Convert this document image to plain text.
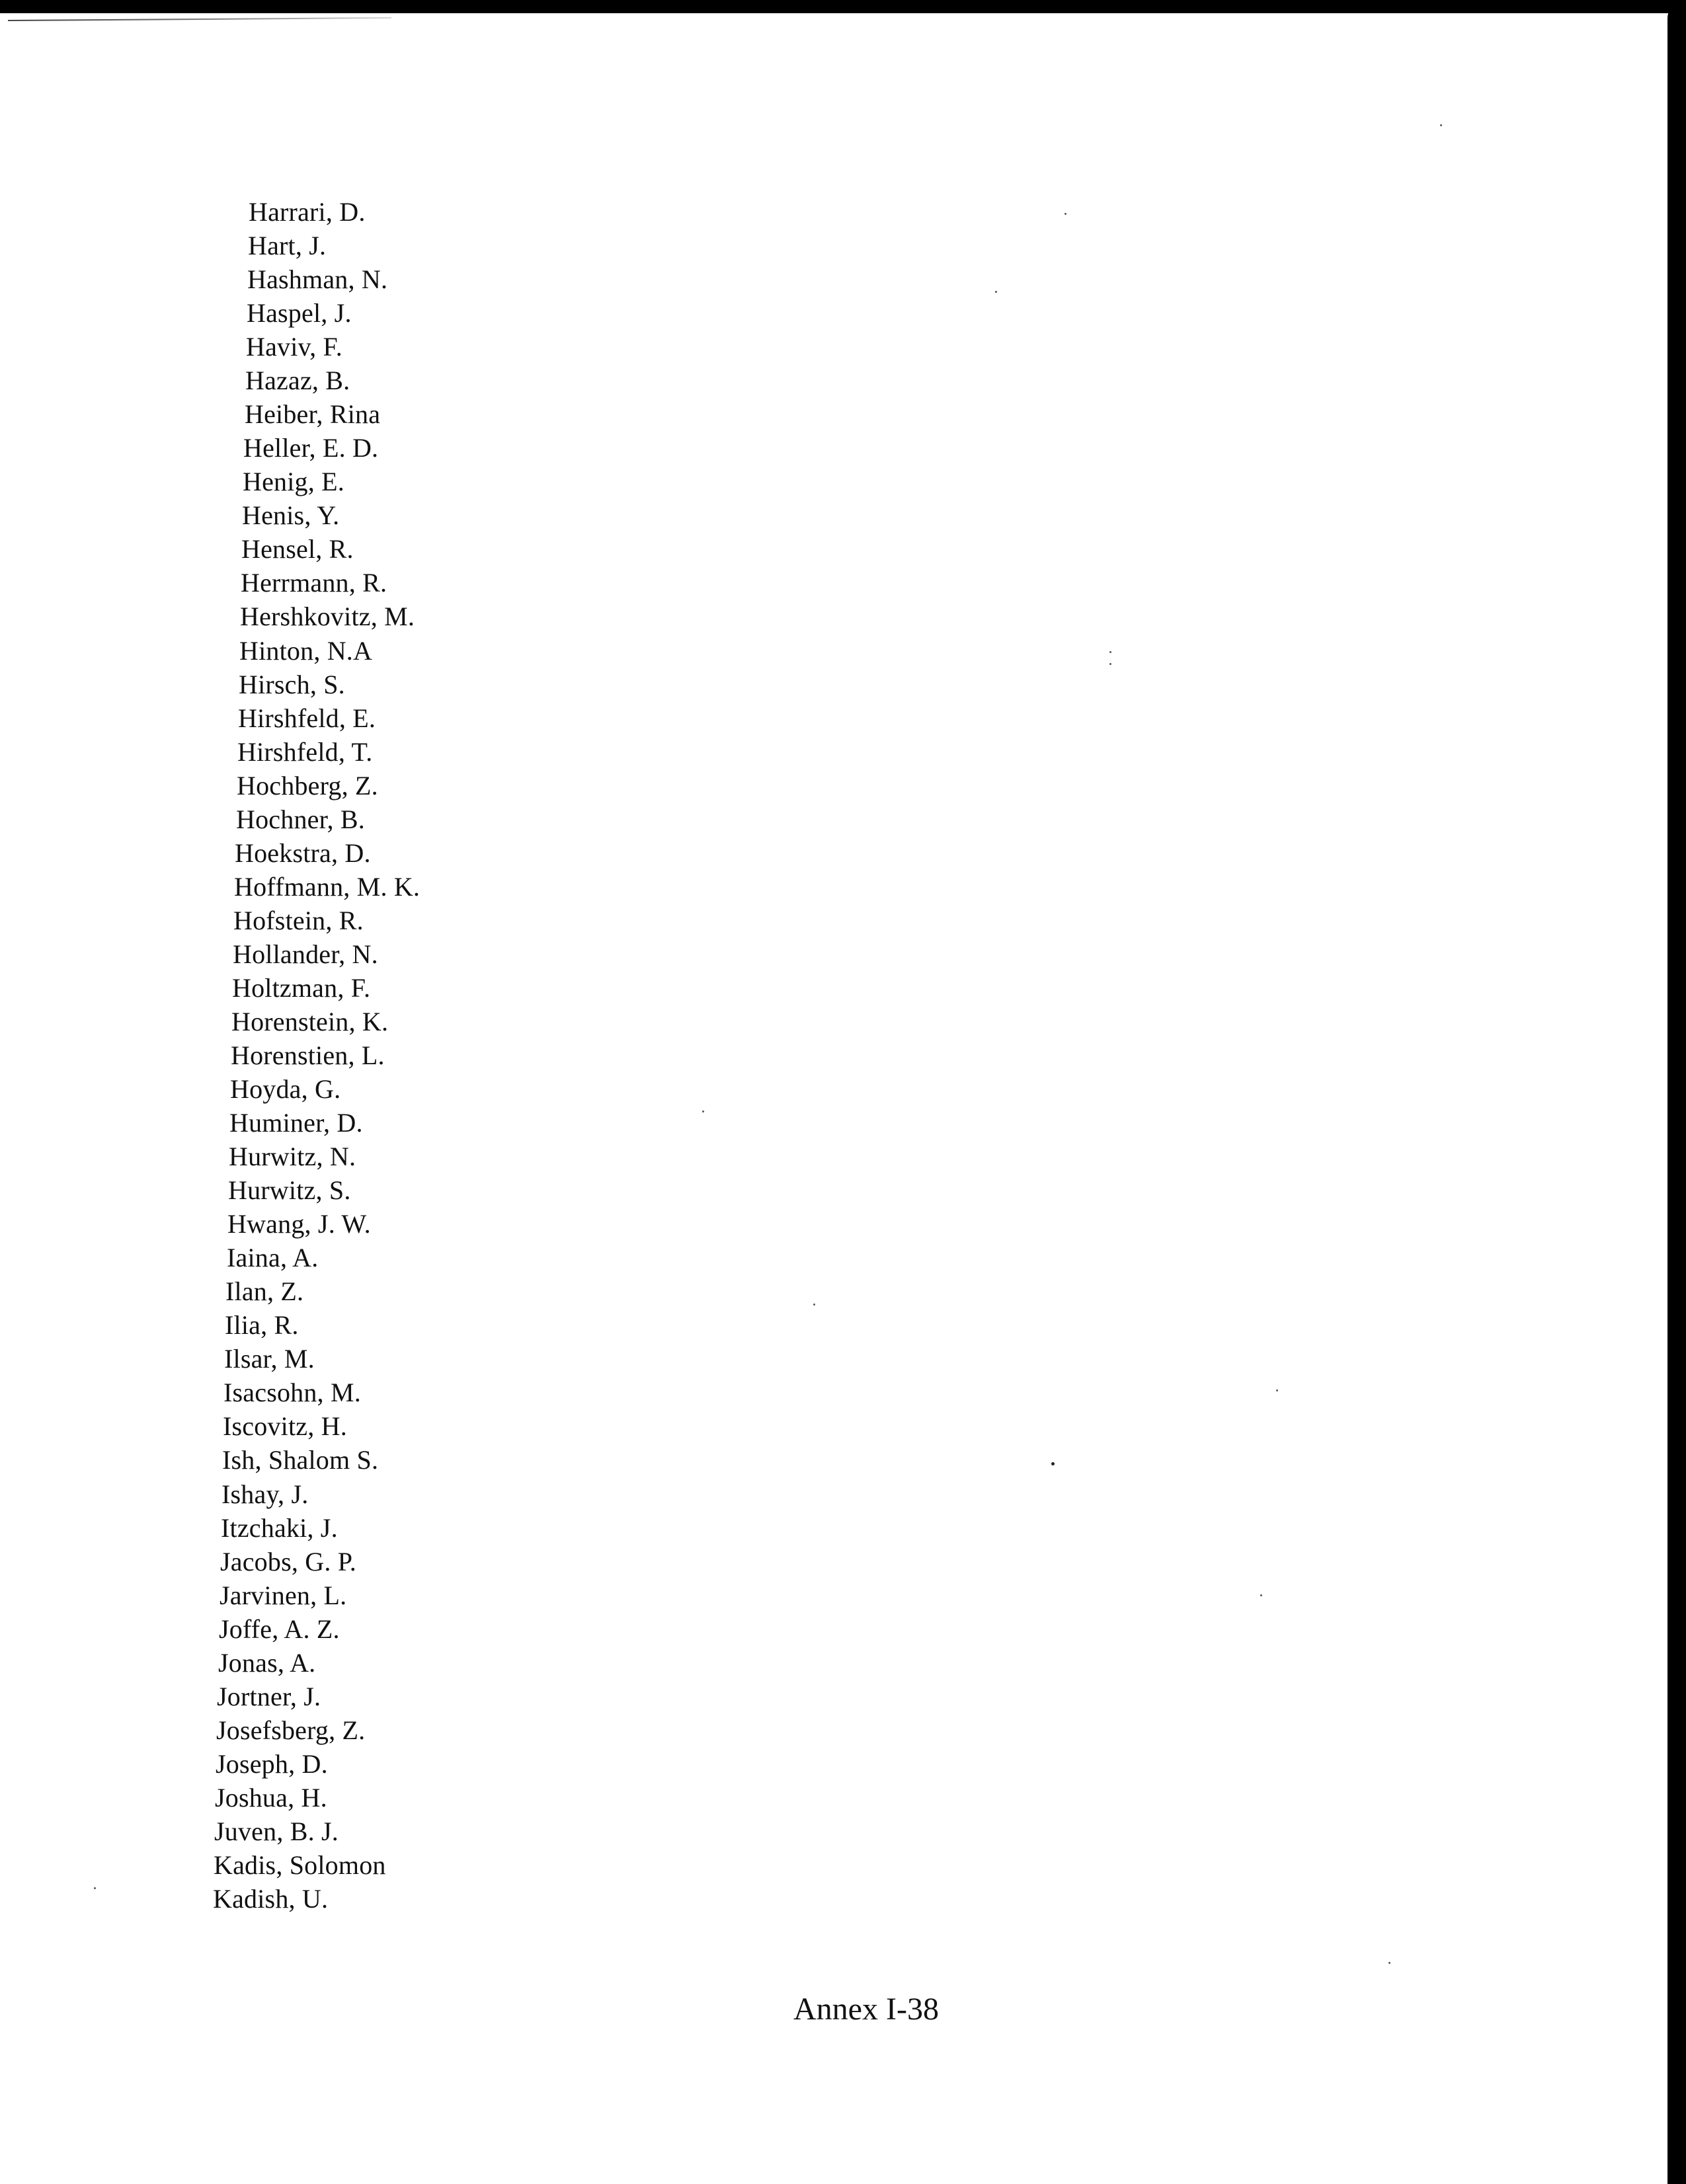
Harrari, D.
Hart, J.
Hashman, N.
Haspel, J.
Haviv, F.
Hazaz, B.
Heiber, Rina
Heller, E. D.
Henig, E.
Henis, Y.
Hensel, R.
Herrmann, R.
Hershkovitz, M.
Hinton, N.A
Hirsch, S.
Hirshfeld, E.
Hirshfeld, T.
Hochberg, Z.
Hochner, B.
Hoekstra, D.
Hoffmann, M. K.
Hofstein, R.
Hollander, N.
Holtzman, F.
Horenstein, K.
Horenstien, L.
Hoyda, G.
Huminer, D.
Hurwitz, N.
Hurwitz, S.
Hwang, J. W.
Iaina, A.
Ilan, Z.
Ilia, R.
Ilsar, M.
Isacsohn, M.
Iscovitz, H.
Ish, Shalom S.
Ishay, J.
Itzchaki, J.
Jacobs, G. P.
Jarvinen, L.
Joffe, A. Z.
Jonas, A.
Jortner, J.
Josefsberg, Z.
Joseph, D.
Joshua, H.
Juven, B. J.
Kadis, Solomon
Kadish, U.
Annex I-38
